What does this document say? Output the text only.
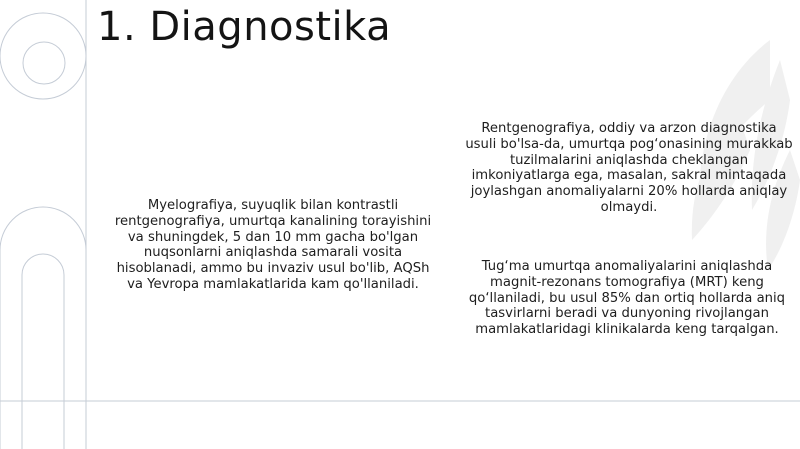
1. Diagnostika
Myelografiya, suyuqlik bilan kontrastli rentgenografiya, umurtqa kanalining torayishini va shuningdek, 5 dan 10 mm gacha bo'lgan nuqsonlarni aniqlashda samarali vosita hisoblanadi, ammo bu invaziv usul bo'lib, AQSh va Yevropa mamlakatlarida kam qo'llaniladi.
Rentgenografiya, oddiy va arzon diagnostika usuli bo'lsa-da, umurtqa pog‘onasining murakkab tuzilmalarini aniqlashda cheklangan imkoniyatlarga ega, masalan, sakral mintaqada joylashgan anomaliyalarni 20% hollarda aniqlay olmaydi.
Tug‘ma umurtqa anomaliyalarini aniqlashda magnit-rezonans tomografiya (MRT) keng qo‘llaniladi, bu usul 85% dan ortiq hollarda aniq tasvirlarni beradi va dunyoning rivojlangan mamlakatlaridagi klinikalarda keng tarqalgan.
